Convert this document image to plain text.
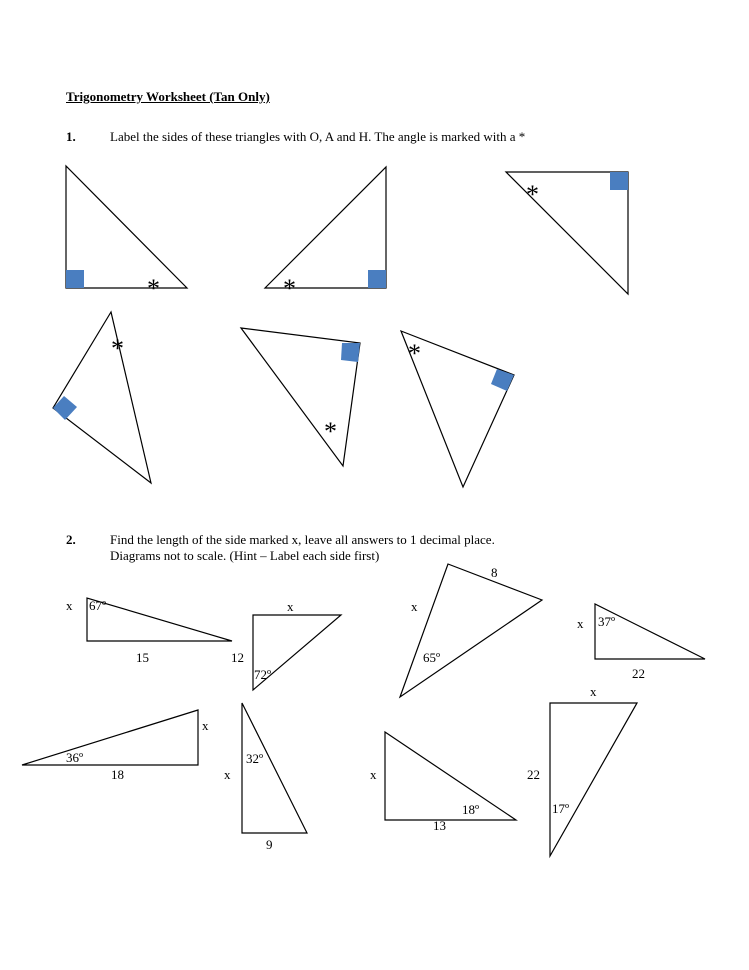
Trigonometry Worksheet (Tan Only)
1.	Label the sides of these triangles with O, A and H. The angle is marked with a *
2.	Find the length of the side marked x, leave all answers to 1 decimal place.
Diagrams not to scale. (Hint – Label each side first)
*	*
*
*
*
*
x 67º
15
x
12
72º
8
x
65º
x 37º
22
x
36º
18
32º
x
9
x
18º
13
x
22
17º
